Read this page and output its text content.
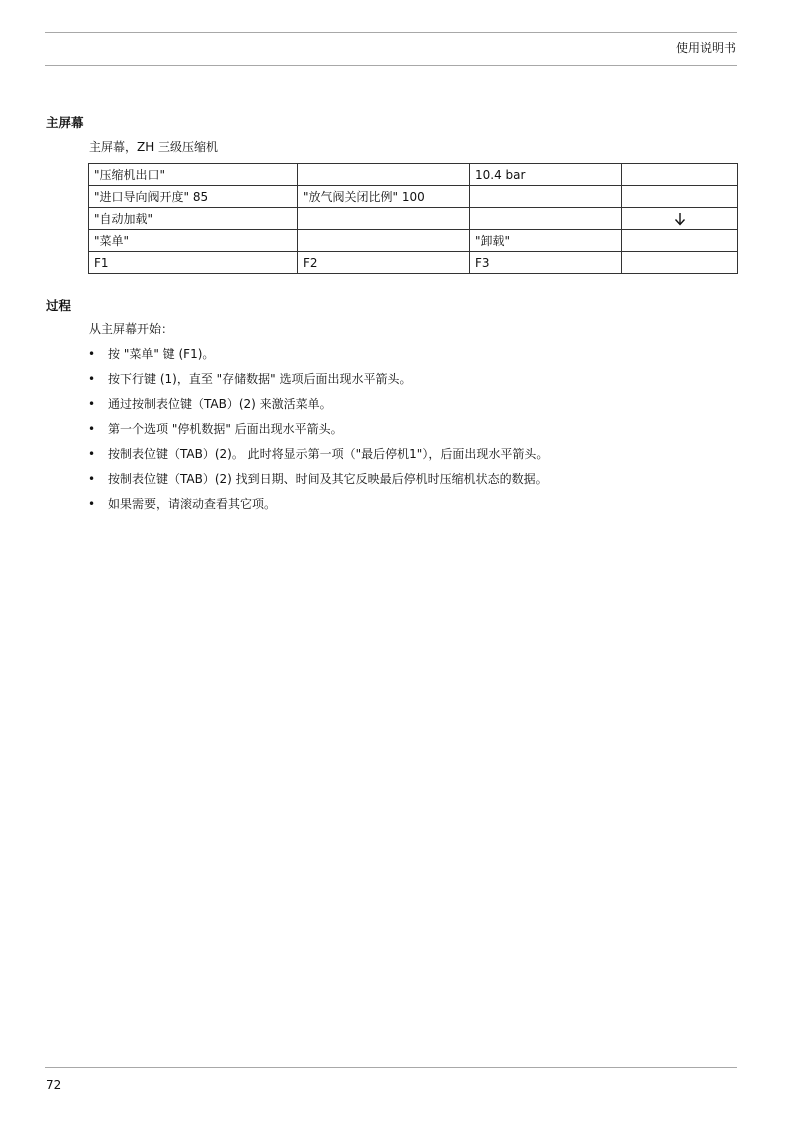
使用说明书
主屏幕
主屏幕，ZH 三级压缩机
"压缩机出口"		10.4 bar	
"进口导向阀开度" 85	"放气阀关闭比例" 100		
"自动加载"			
"菜单"		"卸载"	
F1	F2	F3	
过程
从主屏幕开始：
• 按 "菜单" 键 (F1)。
• 按下行键 (1)，直至 "存储数据" 选项后面出现水平箭头。
• 通过按制表位键（TAB）(2) 来激活菜单。
• 第一个选项 "停机数据" 后面出现水平箭头。
• 按制表位键（TAB）(2)。 此时将显示第一项（"最后停机1"），后面出现水平箭头。
• 按制表位键（TAB）(2) 找到日期、时间及其它反映最后停机时压缩机状态的数据。
• 如果需要，请滚动查看其它项。
72
